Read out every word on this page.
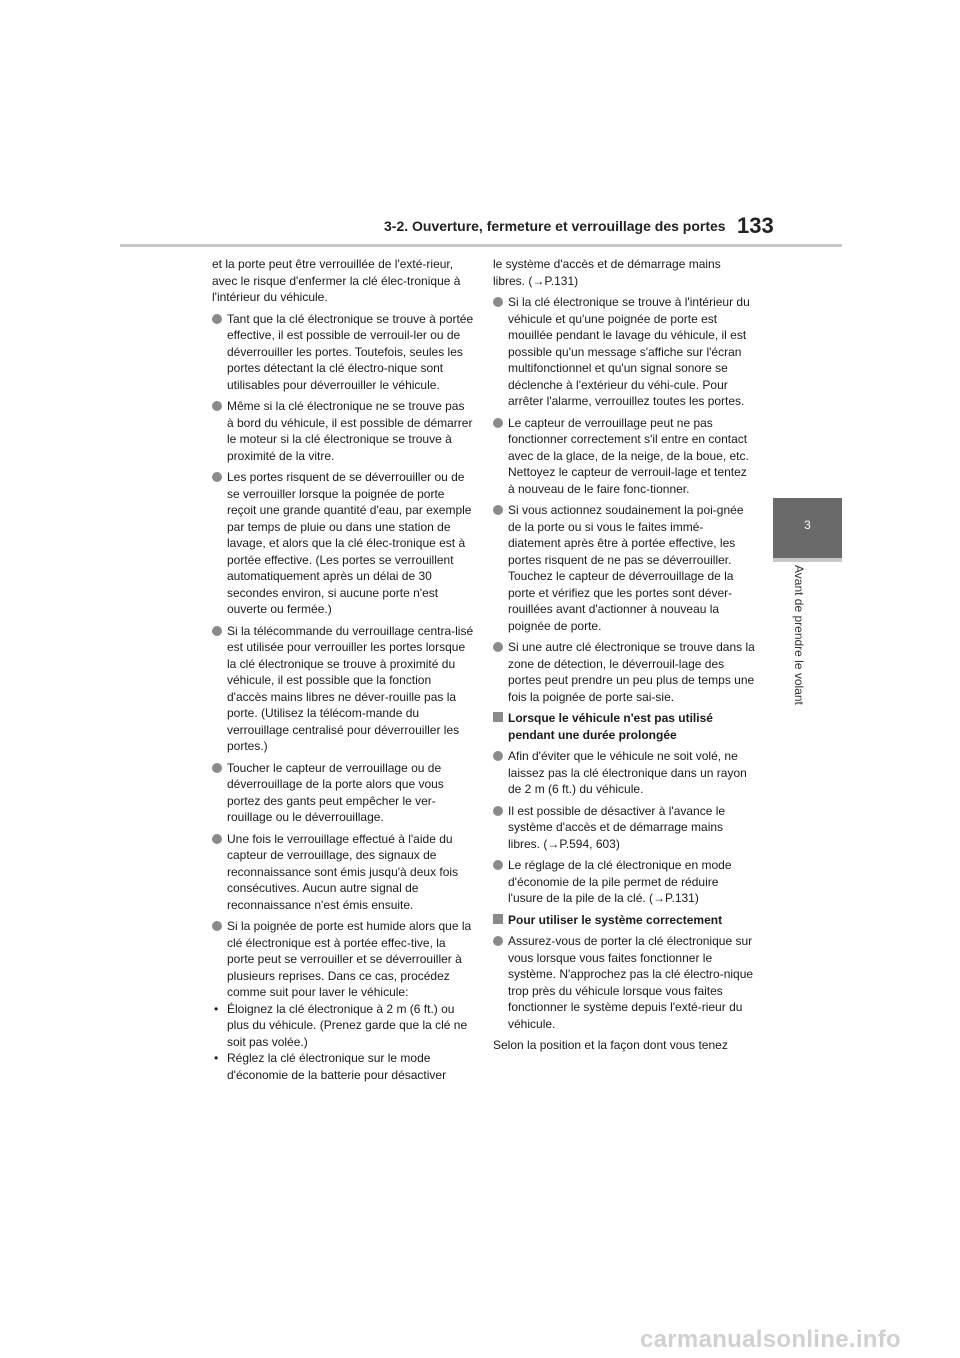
3-2. Ouverture, fermeture et verrouillage des portes 133
3
Avant de prendre le volant

et la porte peut être verrouillée de l'exté-rieur, avec le risque d'enfermer la clé élec-tronique à l'intérieur du véhicule.

Tant que la clé électronique se trouve à portée effective, il est possible de verrouil-ler ou de déverrouiller les portes. Toutefois, seules les portes détectant la clé électro-nique sont utilisables pour déverrouiller le véhicule.
Même si la clé électronique ne se trouve pas à bord du véhicule, il est possible de démarrer le moteur si la clé électronique se trouve à proximité de la vitre.
Les portes risquent de se déverrouiller ou de se verrouiller lorsque la poignée de porte reçoit une grande quantité d'eau, par exemple par temps de pluie ou dans une station de lavage, et alors que la clé élec-tronique est à portée effective. (Les portes se verrouillent automatiquement après un délai de 30 secondes environ, si aucune porte n'est ouverte ou fermée.)
Si la télécommande du verrouillage centra-lisé est utilisée pour verrouiller les portes lorsque la clé électronique se trouve à proximité du véhicule, il est possible que la fonction d'accès mains libres ne déver-rouille pas la porte. (Utilisez la télécom-mande du verrouillage centralisé pour déverrouiller les portes.)
Toucher le capteur de verrouillage ou de déverrouillage de la porte alors que vous portez des gants peut empêcher le ver-rouillage ou le déverrouillage.
Une fois le verrouillage effectué à l'aide du capteur de verrouillage, des signaux de reconnaissance sont émis jusqu'à deux fois consécutives. Aucun autre signal de reconnaissance n'est émis ensuite.
Si la poignée de porte est humide alors que la clé électronique est à portée effec-tive, la porte peut se verrouiller et se déverrouiller à plusieurs reprises. Dans ce cas, procédez comme suit pour laver le véhicule:
• Éloignez la clé électronique à 2 m (6 ft.) ou plus du véhicule. (Prenez garde que la clé ne soit pas volée.)
• Réglez la clé électronique sur le mode d'économie de la batterie pour désactiver

le système d'accès et de démarrage mains libres. (→P.131)

Si la clé électronique se trouve à l'intérieur du véhicule et qu'une poignée de porte est mouillée pendant le lavage du véhicule, il est possible qu'un message s'affiche sur l'écran multifonctionnel et qu'un signal sonore se déclenche à l'extérieur du véhi-cule. Pour arrêter l'alarme, verrouillez toutes les portes.
Le capteur de verrouillage peut ne pas fonctionner correctement s'il entre en contact avec de la glace, de la neige, de la boue, etc. Nettoyez le capteur de verrouil-lage et tentez à nouveau de le faire fonc-tionner.
Si vous actionnez soudainement la poi-gnée de la porte ou si vous le faites immé-diatement après être à portée effective, les portes risquent de ne pas se déverrouiller. Touchez le capteur de déverrouillage de la porte et vérifiez que les portes sont déver-rouillées avant d'actionner à nouveau la poignée de porte.
Si une autre clé électronique se trouve dans la zone de détection, le déverrouil-lage des portes peut prendre un peu plus de temps une fois la poignée de porte sai-sie.
Lorsque le véhicule n'est pas utilisé pendant une durée prolongée
Afin d'éviter que le véhicule ne soit volé, ne laissez pas la clé électronique dans un rayon de 2 m (6 ft.) du véhicule.
Il est possible de désactiver à l'avance le système d'accès et de démarrage mains libres. (→P.594, 603)
Le réglage de la clé électronique en mode d'économie de la pile permet de réduire l'usure de la pile de la clé. (→P.131)
Pour utiliser le système correctement
Assurez-vous de porter la clé électronique sur vous lorsque vous faites fonctionner le système. N'approchez pas la clé électro-nique trop près du véhicule lorsque vous faites fonctionner le système depuis l'exté-rieur du véhicule.

Selon la position et la façon dont vous tenez

carmanualsonline.info
